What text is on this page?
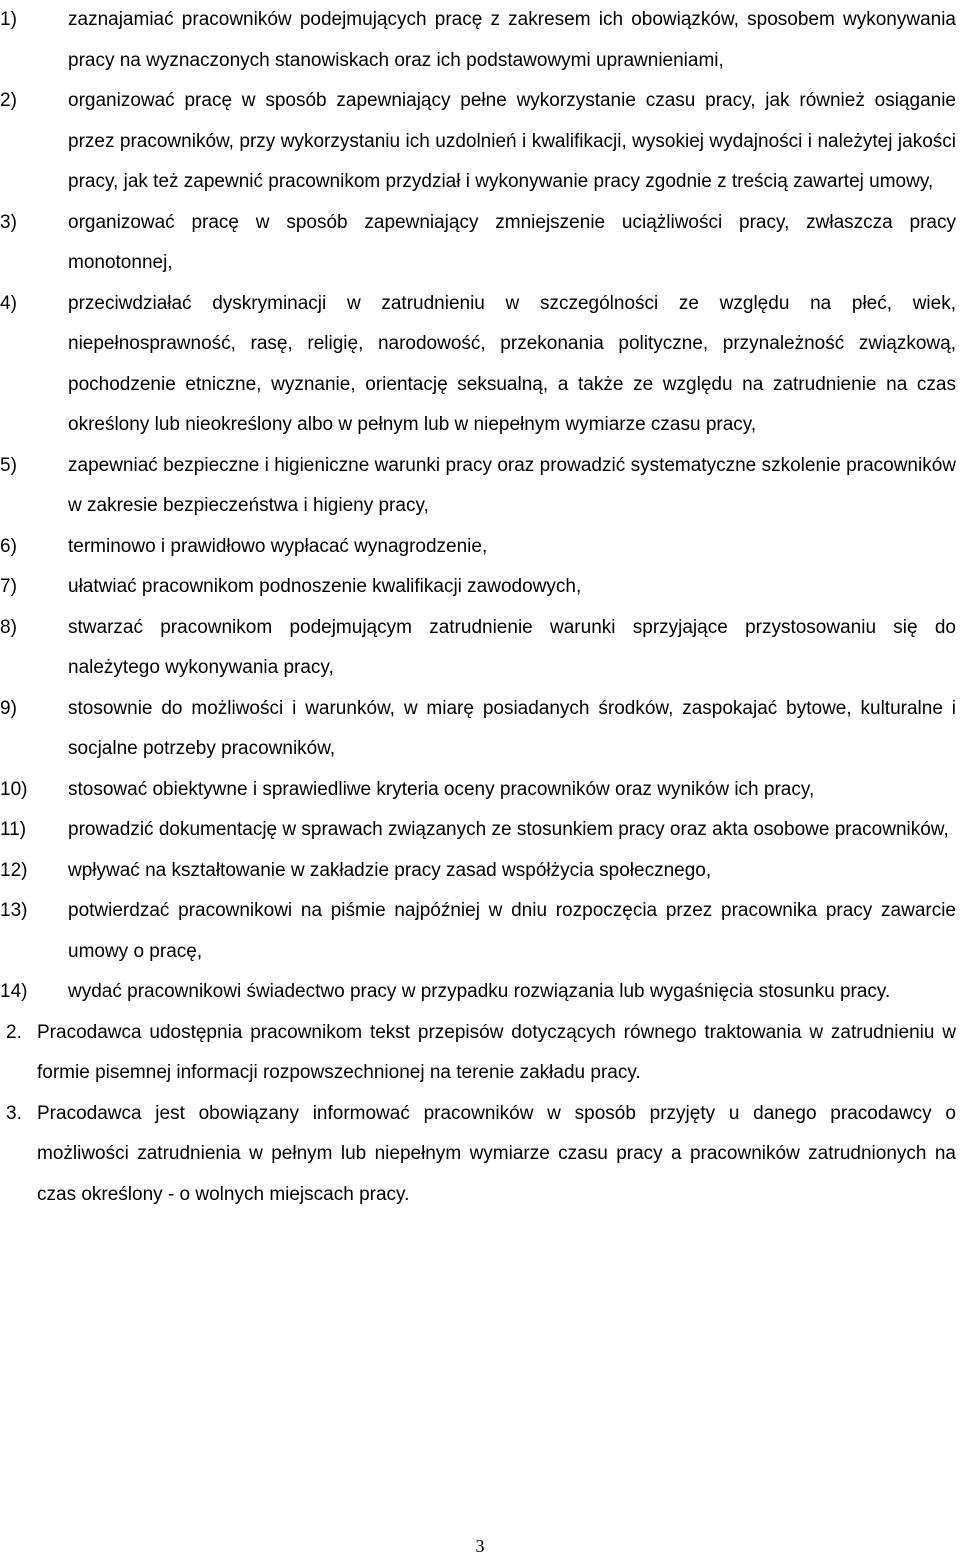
1)	zaznajamiać pracowników podejmujących pracę z zakresem ich obowiązków, sposobem wykonywania pracy na wyznaczonych stanowiskach oraz ich podstawowymi uprawnieniami,
2)	organizować pracę w sposób zapewniający pełne wykorzystanie czasu pracy, jak również osiąganie przez pracowników, przy wykorzystaniu ich uzdolnień i kwalifikacji, wysokiej wydajności i należytej jakości pracy, jak też zapewnić pracownikom przydział i wykonywanie pracy zgodnie z treścią zawartej umowy,
3)	organizować pracę w sposób zapewniający zmniejszenie uciążliwości pracy, zwłaszcza pracy monotonnej,
4)	przeciwdziałać dyskryminacji w zatrudnieniu w szczególności ze względu na płeć, wiek, niepełnosprawność, rasę, religię, narodowość, przekonania polityczne, przynależność związkową, pochodzenie etniczne, wyznanie, orientację seksualną, a także ze względu na zatrudnienie na czas określony lub nieokreślony albo w pełnym lub w niepełnym wymiarze czasu pracy,
5)	zapewniać bezpieczne i higieniczne warunki pracy oraz prowadzić systematyczne szkolenie pracowników w zakresie bezpieczeństwa i higieny pracy,
6)	terminowo i prawidłowo wypłacać wynagrodzenie,
7)	ułatwiać pracownikom podnoszenie kwalifikacji zawodowych,
8)	stwarzać pracownikom podejmującym zatrudnienie warunki sprzyjające przystosowaniu się do należytego wykonywania pracy,
9)	stosownie do możliwości i warunków, w miarę posiadanych środków, zaspokajać bytowe, kulturalne i socjalne potrzeby pracowników,
10) stosować obiektywne i sprawiedliwe kryteria oceny pracowników oraz wyników ich pracy,
11) prowadzić dokumentację w sprawach związanych ze stosunkiem pracy oraz akta osobowe pracowników,
12) wpływać na kształtowanie w zakładzie pracy zasad współżycia społecznego,
13) potwierdzać pracownikowi na piśmie najpóźniej w dniu rozpoczęcia przez pracownika pracy zawarcie umowy o pracę,
14) wydać pracownikowi świadectwo pracy w przypadku rozwiązania lub wygaśnięcia stosunku pracy.
2. Pracodawca udostępnia pracownikom tekst przepisów dotyczących równego traktowania w zatrudnieniu w formie pisemnej informacji rozpowszechnionej na terenie zakładu pracy.
3. Pracodawca jest obowiązany informować pracowników w sposób przyjęty u danego pracodawcy o możliwości zatrudnienia w pełnym lub niepełnym wymiarze czasu pracy a pracowników zatrudnionych na czas określony - o wolnych miejscach pracy.
3
